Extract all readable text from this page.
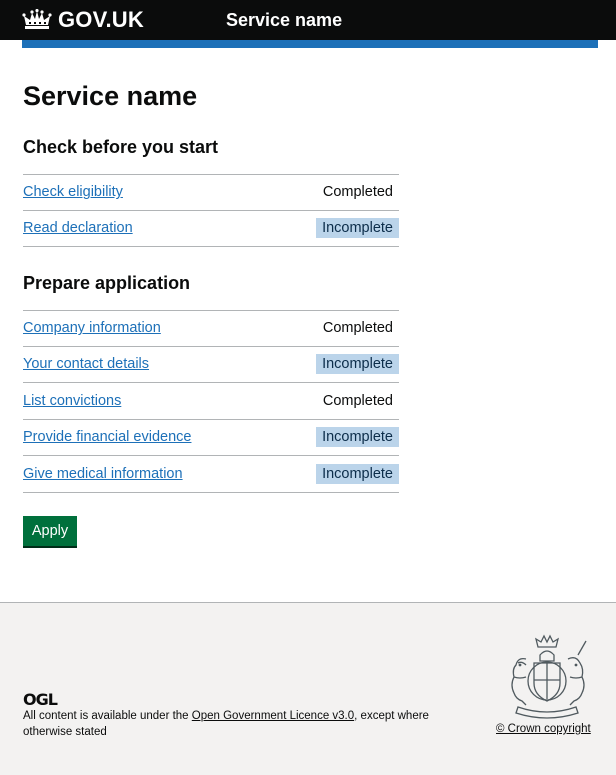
GOV.UK	Service name
Service name
Check before you start
Check eligibility	Completed
Read declaration	Incomplete
Prepare application
Company information	Completed
Your contact details	Incomplete
List convictions	Completed
Provide financial evidence	Incomplete
Give medical information	Incomplete
Apply
OGL

All content is available under the Open Government Licence v3.0, except where otherwise stated	© Crown copyright
